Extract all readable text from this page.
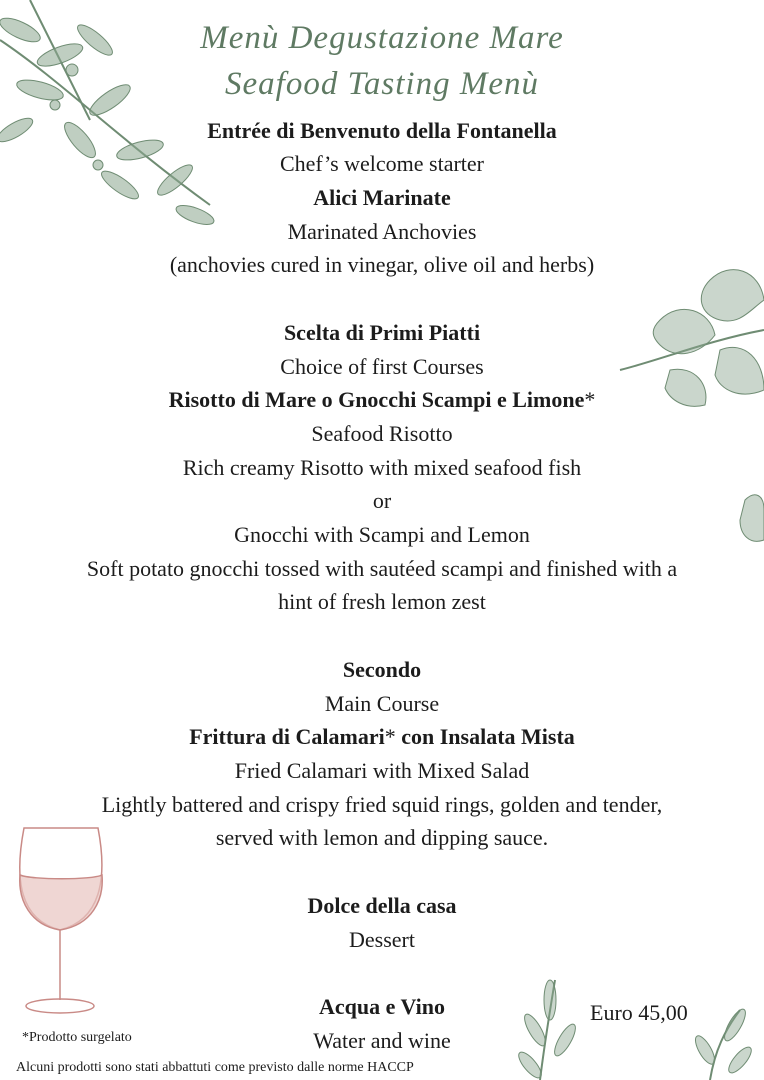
Menù Degustazione Mare
Seafood Tasting Menù
Entrée di Benvenuto della Fontanella
Chef’s welcome starter
Alici Marinate
Marinated Anchovies
(anchovies cured in vinegar, olive oil and herbs)
Scelta di Primi Piatti
Choice of first Courses
Risotto di Mare o Gnocchi Scampi e Limone*
Seafood Risotto
Rich creamy Risotto with mixed seafood fish
or
Gnocchi with Scampi and Lemon
Soft potato gnocchi tossed with sautéed scampi and finished with a
hint of fresh lemon zest
Secondo
Main Course
Frittura di Calamari* con Insalata Mista
Fried Calamari with Mixed Salad
Lightly battered and crispy fried squid rings, golden and tender,
served with lemon and dipping sauce.
Dolce della casa
Dessert
Acqua e Vino
Water and wine
Euro 45,00
*Prodotto surgelato
Alcuni prodotti sono stati abbattuti come previsto dalle norme HACCP
